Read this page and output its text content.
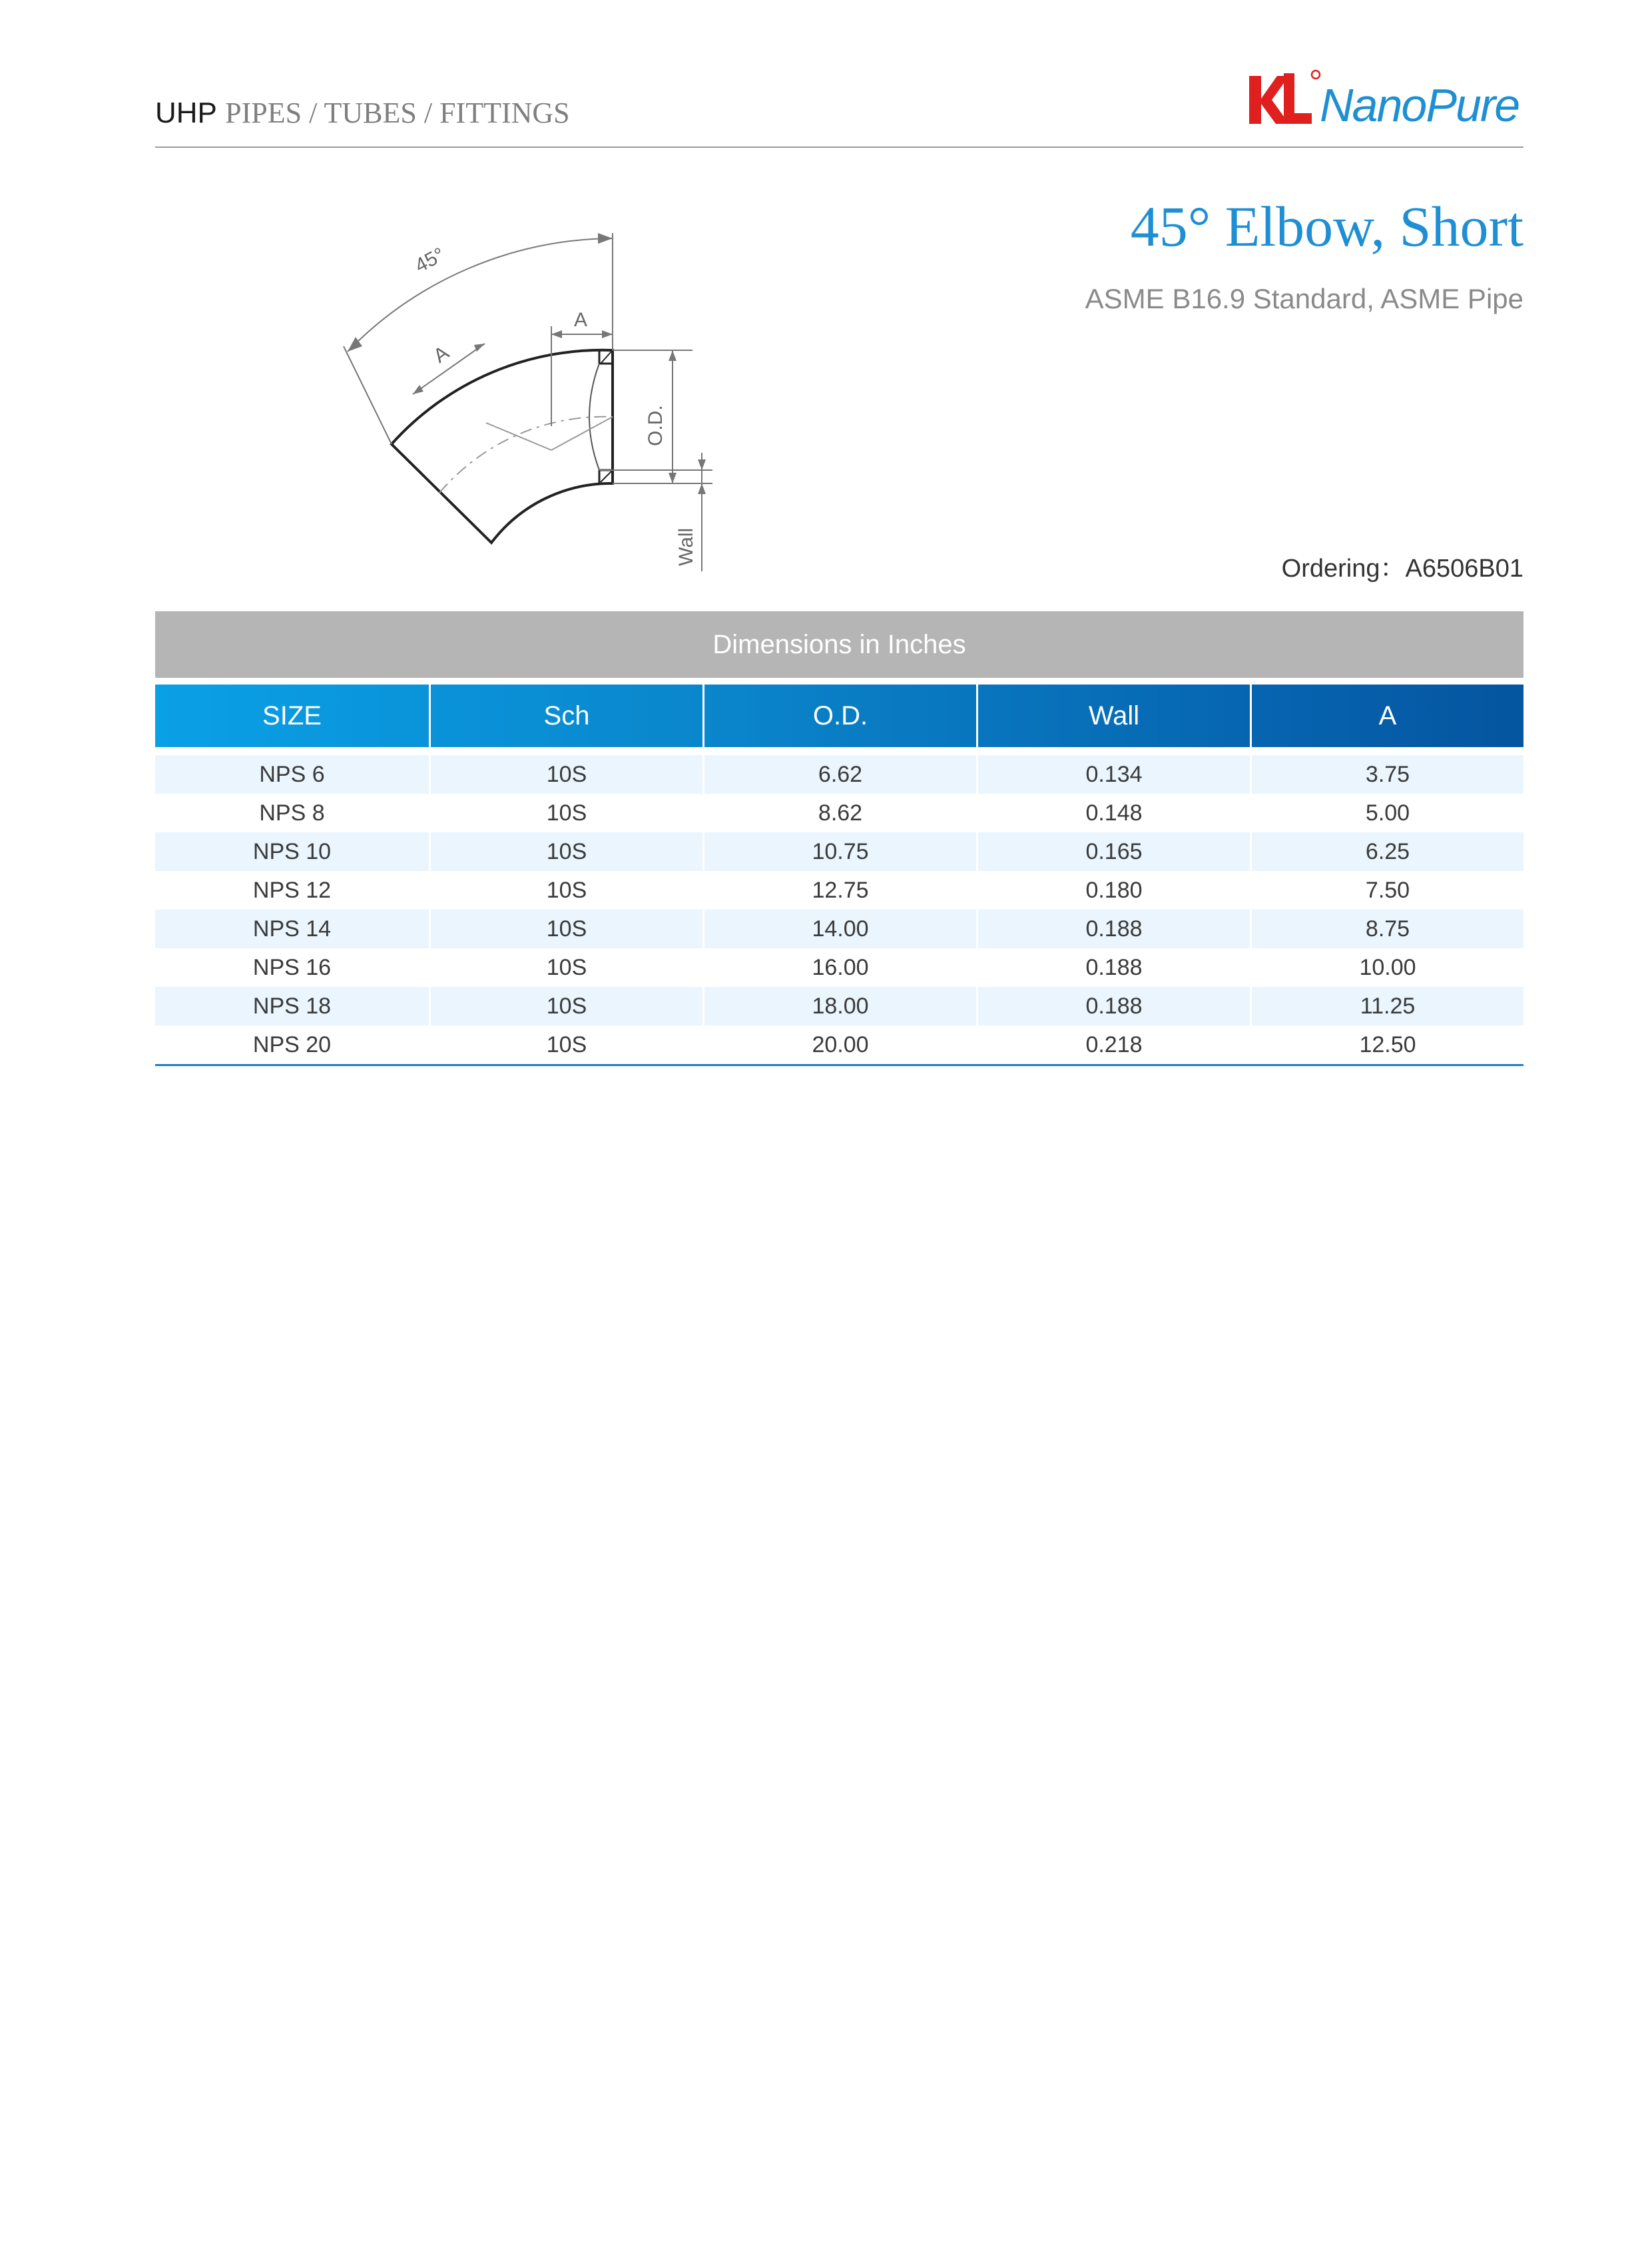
UHP PIPES / TUBES / FITTINGS	NanoPure
45°
A
A
O.D.
Wall
45° Elbow, Short
ASME B16.9 Standard, ASME Pipe
Ordering：A6506B01
Dimensions in Inches
SIZE	Sch	O.D.	Wall	A

NPS 6	10S	6.62	0.134	3.75
NPS 8	10S	8.62	0.148	5.00
NPS 10	10S	10.75	0.165	6.25
NPS 12	10S	12.75	0.180	7.50
NPS 14	10S	14.00	0.188	8.75
NPS 16	10S	16.00	0.188	10.00
NPS 18	10S	18.00	0.188	11.25
NPS 20	10S	20.00	0.218	12.50
